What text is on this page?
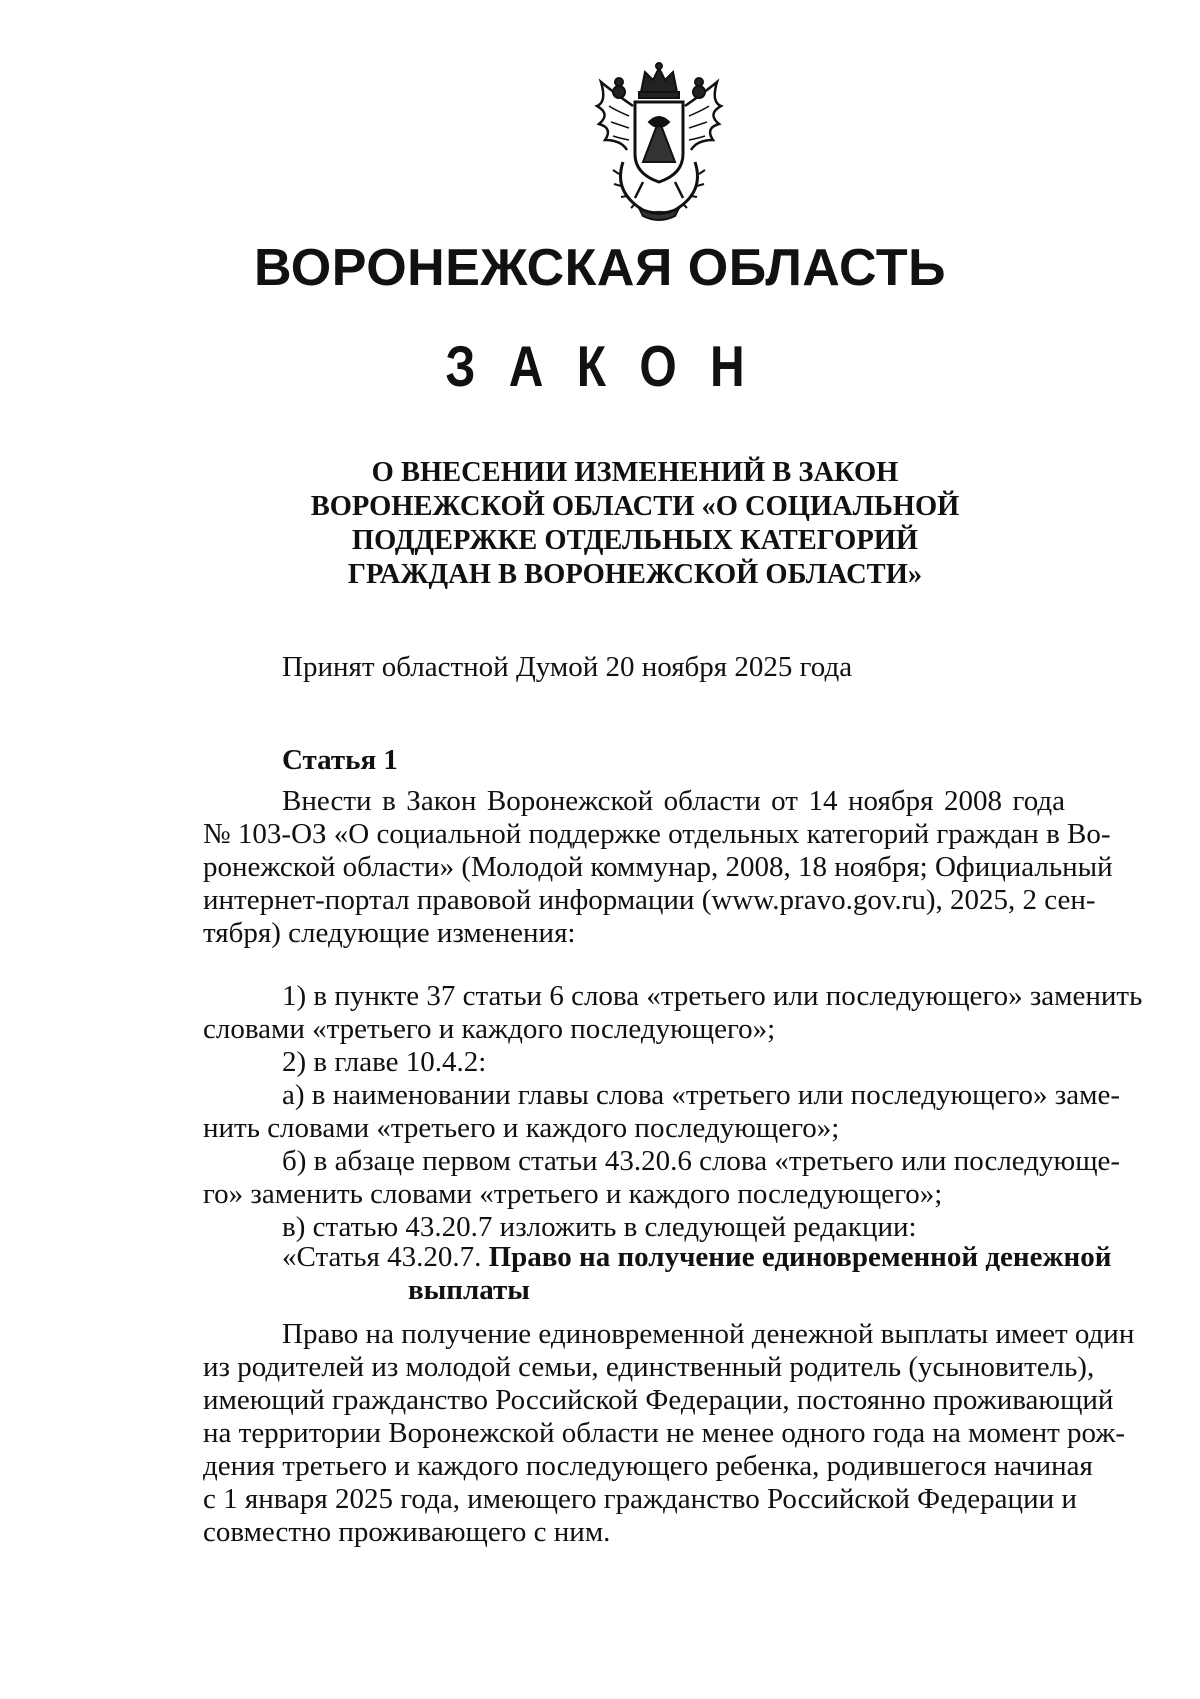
ВОРОНЕЖСКАЯ ОБЛАСТЬ
З А К О Н
О ВНЕСЕНИИ ИЗМЕНЕНИЙ В ЗАКОН
ВОРОНЕЖСКОЙ ОБЛАСТИ «О СОЦИАЛЬНОЙ
ПОДДЕРЖКЕ ОТДЕЛЬНЫХ КАТЕГОРИЙ
ГРАЖДАН В ВОРОНЕЖСКОЙ ОБЛАСТИ»
Принят областной Думой 20 ноября 2025 года
Статья 1
Внести в Закон Воронежской области от 14 ноября 2008 года
№ 103-ОЗ «О социальной поддержке отдельных категорий граждан в Во-
ронежской области» (Молодой коммунар, 2008, 18 ноября; Официальный
интернет-портал правовой информации (www.pravo.gov.ru), 2025, 2 сен-
тября) следующие изменения:
1) в пункте 37 статьи 6 слова «третьего или последующего» заменить
словами «третьего и каждого последующего»;
2) в главе 10.4.2:
а) в наименовании главы слова «третьего или последующего» заме-
нить словами «третьего и каждого последующего»;
б) в абзаце первом статьи 43.20.6 слова «третьего или последующе-
го» заменить словами «третьего и каждого последующего»;
в) статью 43.20.7 изложить в следующей редакции:
«Статья 43.20.7. Право на получение единовременной денежной
выплаты
Право на получение единовременной денежной выплаты имеет один
из родителей из молодой семьи, единственный родитель (усыновитель),
имеющий гражданство Российской Федерации, постоянно проживающий
на территории Воронежской области не менее одного года на момент рож-
дения третьего и каждого последующего ребенка, родившегося начиная
с 1 января 2025 года, имеющего гражданство Российской Федерации и
совместно проживающего с ним.
